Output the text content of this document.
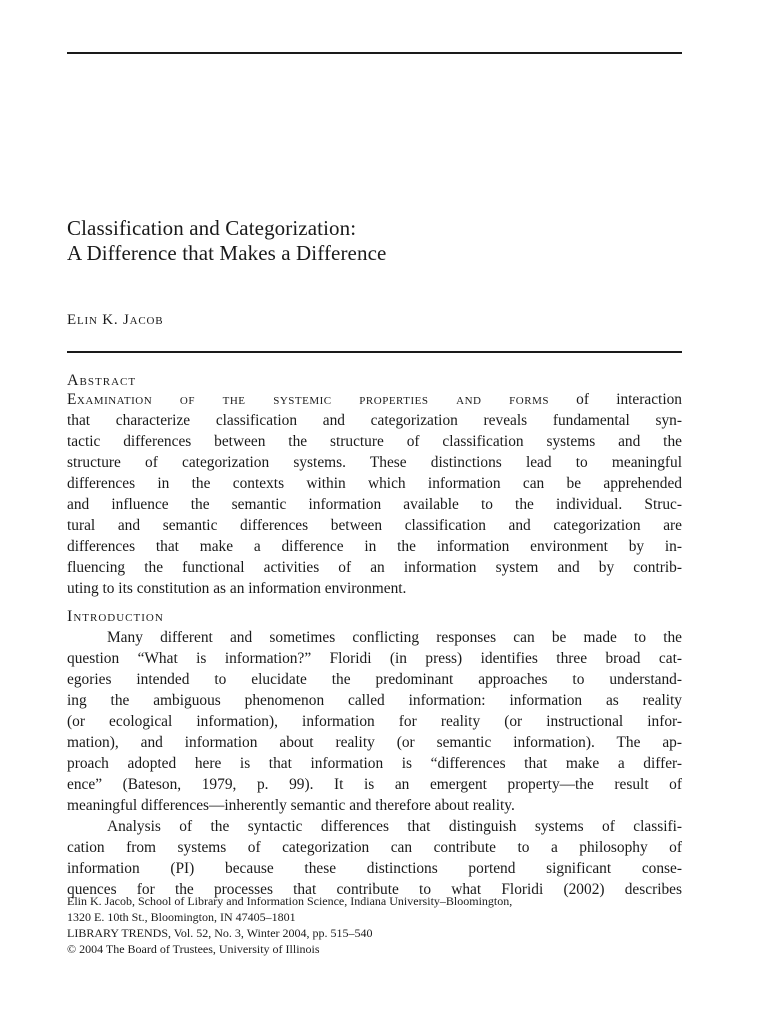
Classification and Categorization:
A Difference that Makes a Difference
Elin K. Jacob
Abstract
Examination of the systemic properties and forms of interaction
that characterize classification and categorization reveals fundamental syn-
tactic differences between the structure of classification systems and the
structure of categorization systems. These distinctions lead to meaningful
differences in the contexts within which information can be apprehended
and influence the semantic information available to the individual. Struc-
tural and semantic differences between classification and categorization are
differences that make a difference in the information environment by in-
fluencing the functional activities of an information system and by contrib-
uting to its constitution as an information environment.
Introduction
Many different and sometimes conflicting responses can be made to the
question “What is information?” Floridi (in press) identifies three broad cat-
egories intended to elucidate the predominant approaches to understand-
ing the ambiguous phenomenon called information: information as reality
(or ecological information), information for reality (or instructional infor-
mation), and information about reality (or semantic information). The ap-
proach adopted here is that information is “differences that make a differ-
ence” (Bateson, 1979, p. 99). It is an emergent property—the result of
meaningful differences—inherently semantic and therefore about reality.
Analysis of the syntactic differences that distinguish systems of classifi-
cation from systems of categorization can contribute to a philosophy of
information (PI) because these distinctions portend significant conse-
quences for the processes that contribute to what Floridi (2002) describes
Elin K. Jacob, School of Library and Information Science, Indiana University–Bloomington,
1320 E. 10th St., Bloomington, IN 47405–1801
LIBRARY TRENDS, Vol. 52, No. 3, Winter 2004, pp. 515–540
© 2004 The Board of Trustees, University of Illinois
